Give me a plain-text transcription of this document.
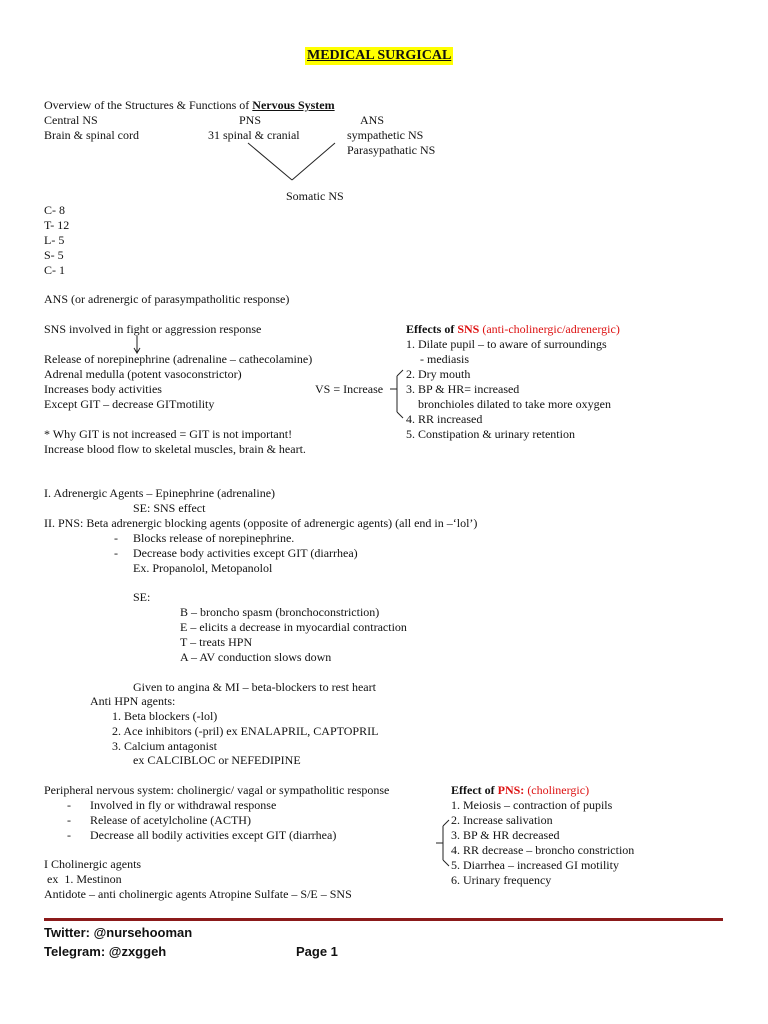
MEDICAL SURGICAL
Overview of the Structures & Functions of Nervous System
Central NS
Brain & spinal cord
PNS
31 spinal & cranial
ANS
sympathetic NS
Parasypathatic NS
Somatic NS
C- 8
T- 12
L- 5
S- 5
C- 1
ANS (or adrenergic of parasympatholitic response)
SNS involved in fight or aggression response
Release of norepinephrine (adrenaline – cathecolamine)
Adrenal medulla (potent vasoconstrictor)
Increases body activities
Except GIT – decrease GITmotility
* Why GIT is not increased = GIT is not important!
Increase blood flow to skeletal muscles, brain & heart.
VS = Increase
Effects of SNS (anti-cholinergic/adrenergic)
1. Dilate pupil – to aware of surroundings
- mediasis
2. Dry mouth
3. BP & HR= increased
bronchioles dilated to take more oxygen
4. RR increased
5. Constipation & urinary retention
I. Adrenergic Agents – Epinephrine (adrenaline)
SE: SNS effect
II. PNS: Beta adrenergic blocking agents (opposite of adrenergic agents) (all end in –‘lol’)
- Blocks release of norepinephrine.
- Decrease body activities except GIT (diarrhea)
Ex. Propanolol, Metopanolol
SE:
B – broncho spasm (bronchoconstriction)
E – elicits a decrease in myocardial contraction
T – treats HPN
A – AV conduction slows down
Given to angina & MI – beta-blockers to rest heart
Anti HPN agents:
1. Beta blockers (-lol)
2. Ace inhibitors (-pril) ex ENALAPRIL, CAPTOPRIL
3. Calcium antagonist
ex CALCIBLOC or NEFEDIPINE
Peripheral nervous system: cholinergic/ vagal or sympatholitic response
- Involved in fly or withdrawal response
- Release of acetylcholine (ACTH)
- Decrease all bodily activities except GIT (diarrhea)
I Cholinergic agents
ex  1. Mestinon
Antidote – anti cholinergic agents Atropine Sulfate – S/E – SNS
Effect of PNS: (cholinergic)
1. Meiosis – contraction of pupils
2. Increase salivation
3. BP & HR decreased
4. RR decrease – broncho constriction
5. Diarrhea – increased GI motility
6. Urinary frequency
Twitter: @nursehooman
Telegram: @zxggeh	Page 1
